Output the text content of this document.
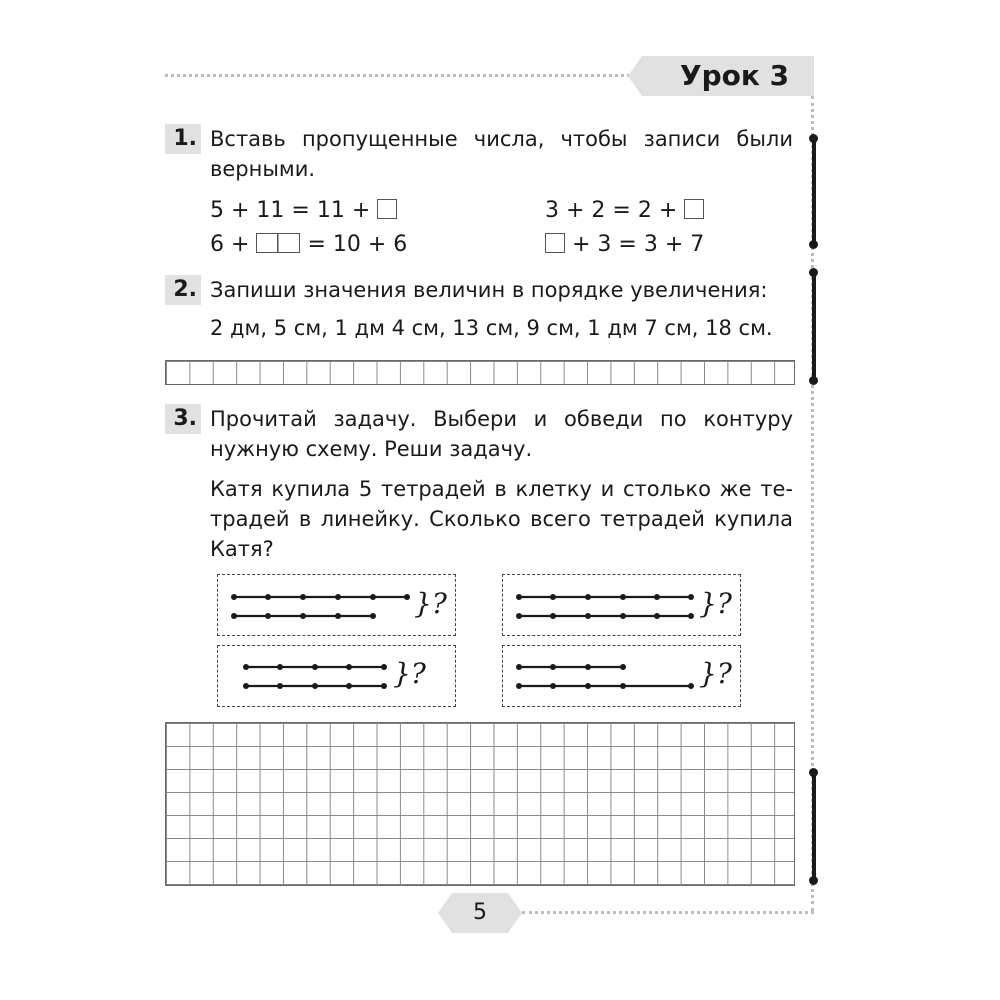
Урок 3
1. Вставь пропущенные числа, чтобы записи были
верными.
5 + 11 = 11 +
6 +	= 10 + 6
3 + 2 = 2 +
+ 3 = 3 + 7
2. Запиши значения величин в порядке увеличения:
2 дм, 5 см, 1 дм 4 см, 13 см, 9 см, 1 дм 7 см, 18 см.
3. Прочитай задачу. Выбери и обведи по контуру
нужную схему. Реши задачу.
Катя купила 5 тетрадей в клетку и столько же те-
традей в линейку. Сколько всего тетрадей купила
Катя?
}?	}?
}?	}?
5
